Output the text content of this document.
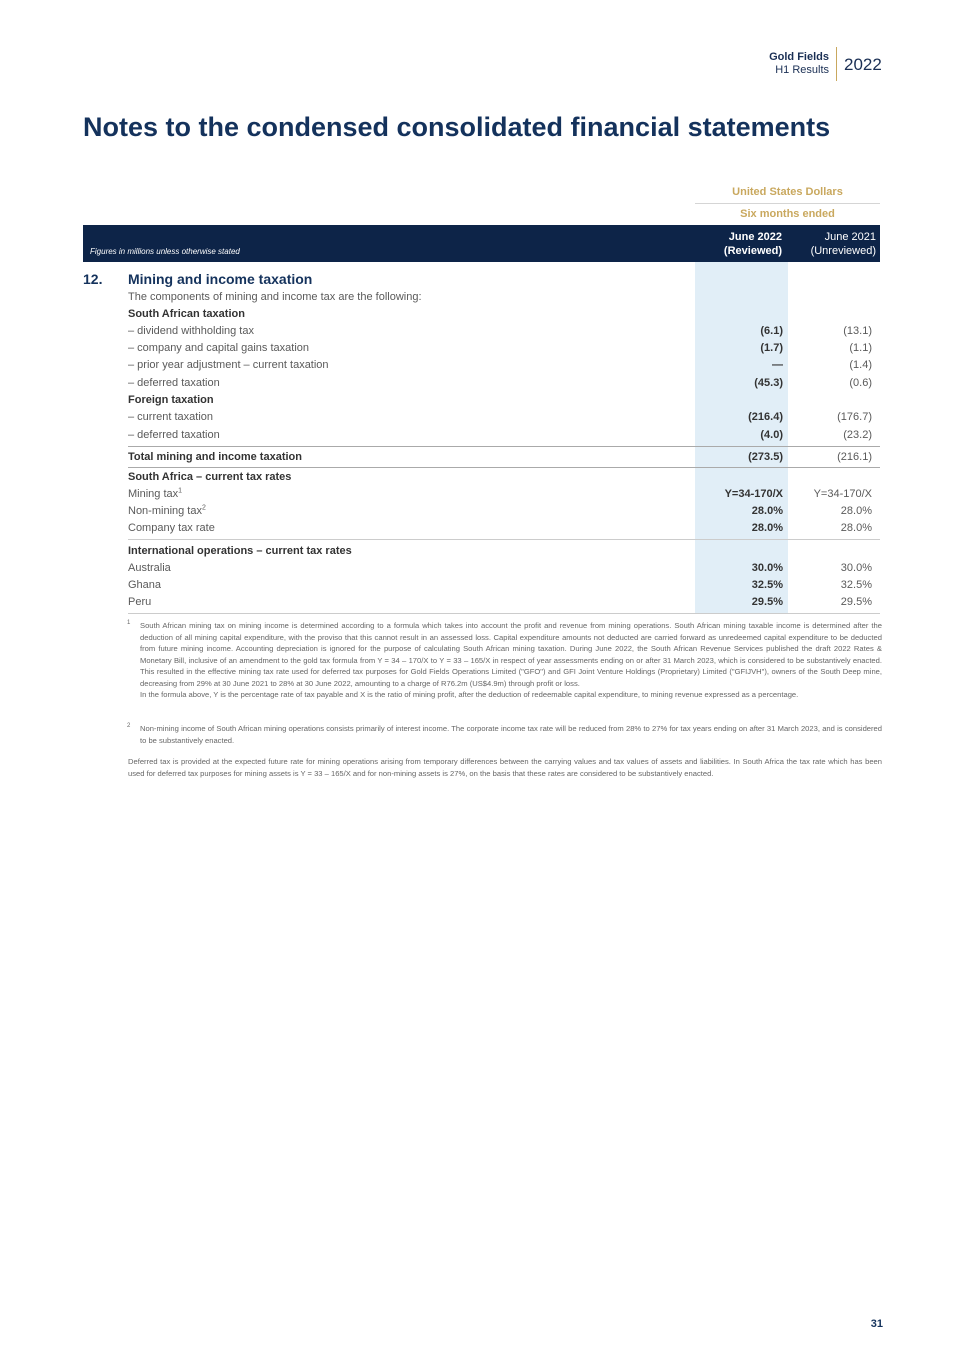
Gold Fields
H1 Results 2022
Notes to the condensed consolidated financial statements
United States Dollars
Six months ended
Figures in millions unless otherwise stated
June 2022
(Reviewed)
June 2021
(Unreviewed)
12. Mining and income taxation
The components of mining and income tax are the following:
South African taxation
– dividend withholding tax	(6.1)	(13.1)
– company and capital gains taxation	(1.7)	(1.1)
– prior year adjustment – current taxation	—	(1.4)
– deferred taxation	(45.3)	(0.6)
Foreign taxation
– current taxation	(216.4)	(176.7)
– deferred taxation	(4.0)	(23.2)
Total mining and income taxation	(273.5)	(216.1)
South Africa – current tax rates
Mining tax$^1$	Y=34-170/X	Y=34-170/X
Non-mining tax$^2$	28.0%	28.0%
Company tax rate	28.0%	28.0%
International operations – current tax rates
Australia	30.0%	30.0%
Ghana	32.5%	32.5%
Peru	29.5%	29.5%
1 South African mining tax on mining income is determined according to a formula which takes into account the profit and revenue from mining operations. South African mining taxable income is determined after the deduction of all mining capital expenditure, with the proviso that this cannot result in an assessed loss. Capital expenditure amounts not deducted are carried forward as unredeemed capital expenditure to be deducted from future mining income. Accounting depreciation is ignored for the purpose of calculating South African mining taxation. During June 2022, the South African Revenue Services published the draft 2022 Rates & Monetary Bill, inclusive of an amendment to the gold tax formula from Y = 34 – 170/X to Y = 33 – 165/X in respect of year assessments ending on or after 31 March 2023, which is considered to be substantively enacted. This resulted in the effective mining tax rate used for deferred tax purposes for Gold Fields Operations Limited ("GFO") and GFI Joint Venture Holdings (Proprietary) Limited ("GFIJVH"), owners of the South Deep mine, decreasing from 29% at 30 June 2021 to 28% at 30 June 2022, amounting to a charge of R76.2m (US$4.9m) through profit or loss.
In the formula above, Y is the percentage rate of tax payable and X is the ratio of mining profit, after the deduction of redeemable capital expenditure, to mining revenue expressed as a percentage.
2 Non-mining income of South African mining operations consists primarily of interest income. The corporate income tax rate will be reduced from 28% to 27% for tax years ending on after 31 March 2023, and is considered to be substantively enacted.
Deferred tax is provided at the expected future rate for mining operations arising from temporary differences between the carrying values and tax values of assets and liabilities. In South Africa the tax rate which has been used for deferred tax purposes for mining assets is Y = 33 – 165/X and for non-mining assets is 27%, on the basis that these rates are considered to be substantively enacted.
31
